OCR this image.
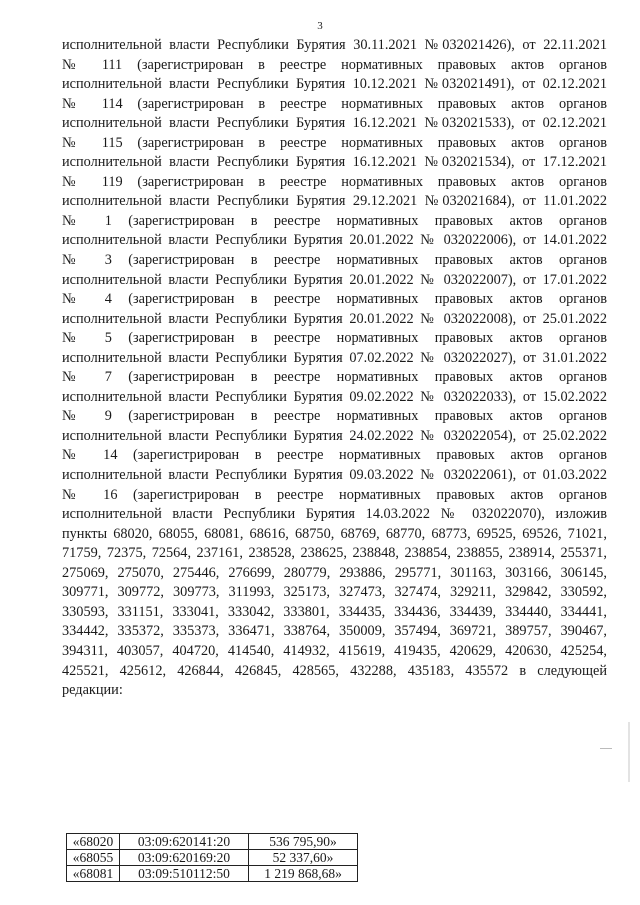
3
исполнительной власти Республики Бурятия 30.11.2021 №032021426), от 22.11.2021
№ 111 (зарегистрирован в реестре нормативных правовых актов органов
исполнительной власти Республики Бурятия 10.12.2021 №032021491), от 02.12.2021
№ 114 (зарегистрирован в реестре нормативных правовых актов органов
исполнительной власти Республики Бурятия 16.12.2021 №032021533), от 02.12.2021
№ 115 (зарегистрирован в реестре нормативных правовых актов органов
исполнительной власти Республики Бурятия 16.12.2021 №032021534), от 17.12.2021
№ 119 (зарегистрирован в реестре нормативных правовых актов органов
исполнительной власти Республики Бурятия 29.12.2021 №032021684), от 11.01.2022
№ 1 (зарегистрирован в реестре нормативных правовых актов органов
исполнительной власти Республики Бурятия 20.01.2022 № 032022006), от 14.01.2022
№ 3 (зарегистрирован в реестре нормативных правовых актов органов
исполнительной власти Республики Бурятия 20.01.2022 № 032022007), от 17.01.2022
№ 4 (зарегистрирован в реестре нормативных правовых актов органов
исполнительной власти Республики Бурятия 20.01.2022 № 032022008), от 25.01.2022
№ 5 (зарегистрирован в реестре нормативных правовых актов органов
исполнительной власти Республики Бурятия 07.02.2022 № 032022027), от 31.01.2022
№ 7 (зарегистрирован в реестре нормативных правовых актов органов
исполнительной власти Республики Бурятия 09.02.2022 № 032022033), от 15.02.2022
№ 9 (зарегистрирован в реестре нормативных правовых актов органов
исполнительной власти Республики Бурятия 24.02.2022 № 032022054), от 25.02.2022
№ 14 (зарегистрирован в реестре нормативных правовых актов органов
исполнительной власти Республики Бурятия 09.03.2022 № 032022061), от 01.03.2022
№ 16 (зарегистрирован в реестре нормативных правовых актов органов
исполнительной власти Республики Бурятия 14.03.2022 № 032022070), изложив
пункты 68020, 68055, 68081, 68616, 68750, 68769, 68770, 68773, 69525, 69526, 71021,
71759, 72375, 72564, 237161, 238528, 238625, 238848, 238854, 238855, 238914, 255371,
275069, 275070, 275446, 276699, 280779, 293886, 295771, 301163, 303166, 306145,
309771, 309772, 309773, 311993, 325173, 327473, 327474, 329211, 329842, 330592,
330593, 331151, 333041, 333042, 333801, 334435, 334436, 334439, 334440, 334441,
334442, 335372, 335373, 336471, 338764, 350009, 357494, 369721, 389757, 390467,
394311, 403057, 404720, 414540, 414932, 415619, 419435, 420629, 420630, 425254,
425521, 425612, 426844, 426845, 428565, 432288, 435183, 435572 в следующей
редакции:
«68020	03:09:620141:20	536 795,90»
«68055	03:09:620169:20	52 337,60»
«68081	03:09:510112:50	1 219 868,68»
